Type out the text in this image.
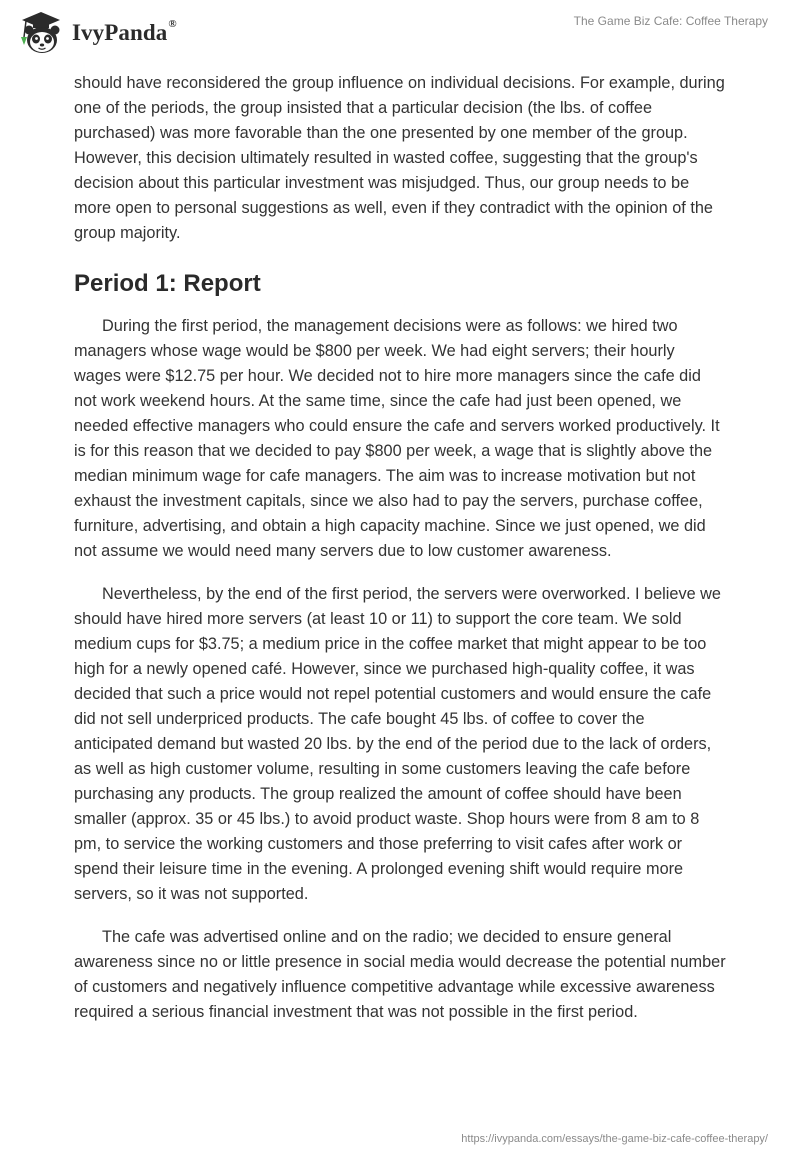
IvyPanda®	The Game Biz Cafe: Coffee Therapy

should have reconsidered the group influence on individual decisions. For example, during one of the periods, the group insisted that a particular decision (the lbs. of coffee purchased) was more favorable than the one presented by one member of the group. However, this decision ultimately resulted in wasted coffee, suggesting that the group's decision about this particular investment was misjudged. Thus, our group needs to be more open to personal suggestions as well, even if they contradict with the opinion of the group majority.

Period 1: Report

During the first period, the management decisions were as follows: we hired two managers whose wage would be $800 per week. We had eight servers; their hourly wages were $12.75 per hour. We decided not to hire more managers since the cafe did not work weekend hours. At the same time, since the cafe had just been opened, we needed effective managers who could ensure the cafe and servers worked productively. It is for this reason that we decided to pay $800 per week, a wage that is slightly above the median minimum wage for cafe managers. The aim was to increase motivation but not exhaust the investment capitals, since we also had to pay the servers, purchase coffee, furniture, advertising, and obtain a high capacity machine. Since we just opened, we did not assume we would need many servers due to low customer awareness.

Nevertheless, by the end of the first period, the servers were overworked. I believe we should have hired more servers (at least 10 or 11) to support the core team. We sold medium cups for $3.75; a medium price in the coffee market that might appear to be too high for a newly opened café. However, since we purchased high-quality coffee, it was decided that such a price would not repel potential customers and would ensure the cafe did not sell underpriced products. The cafe bought 45 lbs. of coffee to cover the anticipated demand but wasted 20 lbs. by the end of the period due to the lack of orders, as well as high customer volume, resulting in some customers leaving the cafe before purchasing any products. The group realized the amount of coffee should have been smaller (approx. 35 or 45 lbs.) to avoid product waste. Shop hours were from 8 am to 8 pm, to service the working customers and those preferring to visit cafes after work or spend their leisure time in the evening. A prolonged evening shift would require more servers, so it was not supported.

The cafe was advertised online and on the radio; we decided to ensure general awareness since no or little presence in social media would decrease the potential number of customers and negatively influence competitive advantage while excessive awareness required a serious financial investment that was not possible in the first period.

https://ivypanda.com/essays/the-game-biz-cafe-coffee-therapy/
